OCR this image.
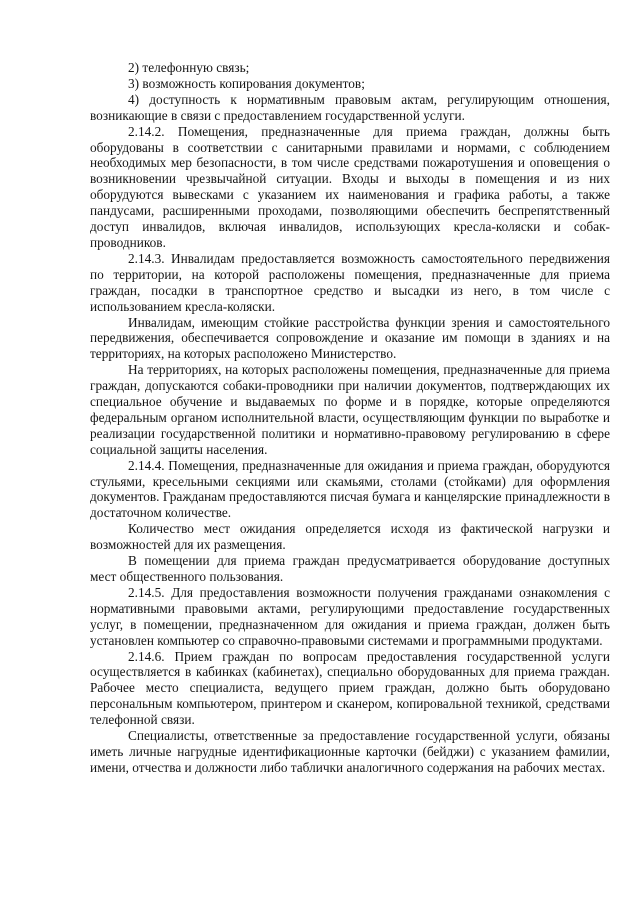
2) телефонную связь;

3) возможность копирования документов;

4) доступность к нормативным правовым актам, регулирующим отношения, возникающие в связи с предоставлением государственной услуги.

2.14.2. Помещения, предназначенные для приема граждан, должны быть оборудованы в соответствии с санитарными правилами и нормами, с соблюдением необходимых мер безопасности, в том числе средствами пожаротушения и оповещения о возникновении чрезвычайной ситуации. Входы и выходы в помещения и из них оборудуются вывесками с указанием их наименования и графика работы, а также пандусами, расширенными проходами, позволяющими обеспечить беспрепятственный доступ инвалидов, включая инвалидов, использующих кресла-коляски и собак-проводников.

2.14.3. Инвалидам предоставляется возможность самостоятельного передвижения по территории, на которой расположены помещения, предназначенные для приема граждан, посадки в транспортное средство и высадки из него, в том числе с использованием кресла-коляски.

Инвалидам, имеющим стойкие расстройства функции зрения и самостоятельного передвижения, обеспечивается сопровождение и оказание им помощи в зданиях и на территориях, на которых расположено Министерство.

На территориях, на которых расположены помещения, предназначенные для приема граждан, допускаются собаки-проводники при наличии документов, подтверждающих их специальное обучение и выдаваемых по форме и в порядке, которые определяются федеральным органом исполнительной власти, осуществляющим функции по выработке и реализации государственной политики и нормативно-правовому регулированию в сфере социальной защиты населения.

2.14.4. Помещения, предназначенные для ожидания и приема граждан, оборудуются стульями, кресельными секциями или скамьями, столами (стойками) для оформления документов. Гражданам предоставляются писчая бумага и канцелярские принадлежности в достаточном количестве.

Количество мест ожидания определяется исходя из фактической нагрузки и возможностей для их размещения.

В помещении для приема граждан предусматривается оборудование доступных мест общественного пользования.

2.14.5. Для предоставления возможности получения гражданами ознакомления с нормативными правовыми актами, регулирующими предоставление государственных услуг, в помещении, предназначенном для ожидания и приема граждан, должен быть установлен компьютер со справочно-правовыми системами и программными продуктами.

2.14.6. Прием граждан по вопросам предоставления государственной услуги осуществляется в кабинках (кабинетах), специально оборудованных для приема граждан. Рабочее место специалиста, ведущего прием граждан, должно быть оборудовано персональным компьютером, принтером и сканером, копировальной техникой, средствами телефонной связи.

Специалисты, ответственные за предоставление государственной услуги, обязаны иметь личные нагрудные идентификационные карточки (бейджи) с указанием фамилии, имени, отчества и должности либо таблички аналогичного содержания на рабочих местах.
